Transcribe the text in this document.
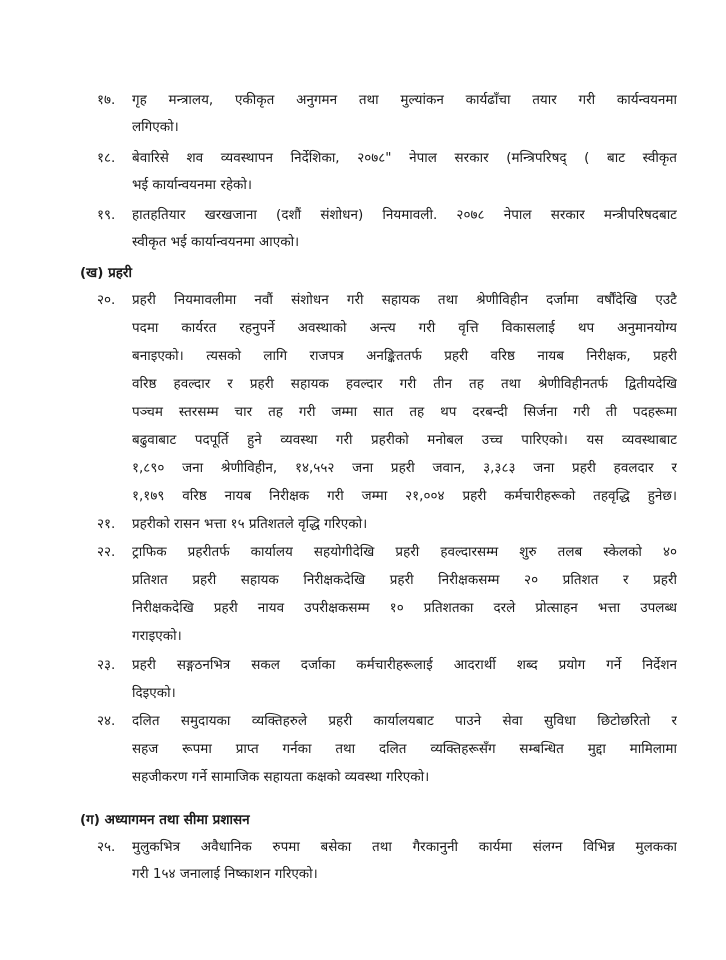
१७. गृह मन्त्रालय, एकीकृत अनुगमन तथा मुल्यांकन कार्यढाँचा तयार गरी कार्यन्वयनमा
लगिएको।
१८. बेवारिसे शव व्यवस्थापन निर्देशिका, २०७८" नेपाल सरकार (मन्त्रिपरिषद् ( बाट स्वीकृत
भई कार्यान्वयनमा रहेको।
१९. हातहतियार खरखजाना (दशौं संशोधन) नियमावली. २०७८ नेपाल सरकार मन्त्रीपरिषदबाट
स्वीकृत भई कार्यान्वयनमा आएको।
(ख) प्रहरी
२०. प्रहरी नियमावलीमा नवौं संशोधन गरी सहायक तथा श्रेणीविहीन दर्जामा वर्षौंदेखि एउटै
पदमा कार्यरत रहनुपर्ने अवस्थाको अन्त्य गरी वृत्ति विकासलाई थप अनुमानयोग्य
बनाइएको। त्यसको लागि राजपत्र अनङ्कितत​र्फ प्रहरी वरिष्ठ नायब निरीक्षक, प्रहरी
वरिष्ठ हवल्दार र प्रहरी सहायक हवल्दार गरी तीन तह तथा श्रेणीविहीनतर्फ द्वितीयदेखि
पञ्चम स्तरसम्म चार तह गरी जम्मा सात तह थप दरबन्दी सिर्जना गरी ती पदहरूमा
बढुवाबाट पदपूर्ति हुने व्यवस्था गरी प्रहरीको मनोबल उच्च पारिएको। यस व्यवस्थाबाट
१,८९० जना श्रेणीविहीन, १४,५५२ जना प्रहरी जवान, ३,३८३ जना प्रहरी हवलदार र
१,१७९ वरिष्ठ नायब निरीक्षक गरी जम्मा २१,००४ प्रहरी कर्मचारीहरूको तहवृद्धि हुनेछ।
२१. प्रहरीको रासन भत्ता १५ प्रतिशतले वृद्धि गरिएको।
२२. ट्राफिक प्रहरीतर्फ कार्यालय सहयोगीदेखि प्रहरी हवल्दारसम्म शुरु तलब स्केलको ४०
प्रतिशत प्रहरी सहायक निरीक्षकदेखि प्रहरी निरीक्षकसम्म २० प्रतिशत र प्रहरी
निरीक्षकदेखि प्रहरी नायव उपरीक्षकसम्म १० प्रतिशतका दरले प्रोत्साहन भत्ता उपलब्ध
गराइएको।
२३. प्रहरी सङ्गठनभित्र सकल दर्जाका कर्मचारीहरूलाई आदरार्थी शब्द प्रयोग गर्ने निर्देशन
दिइएको।
२४. दलित समुदायका व्यक्तिहरुले प्रहरी कार्यालयबाट पाउने सेवा सुविधा छिटोछरितो र
सहज रूपमा प्राप्त गर्नका तथा दलित व्यक्तिहरूसँग सम्बन्धित मुद्दा मामिलामा
सहजीकरण गर्ने सामाजिक सहायता कक्षको व्यवस्था गरिएको।
(ग) अध्यागमन तथा सीमा प्रशासन
२५. मुलुकभित्र अवैधानिक रुपमा बसेका तथा गैरकानुनी कार्यमा संलग्न विभिन्न मुलकका
गरी 1५४ जनालाई निष्काशन गरिएको।
